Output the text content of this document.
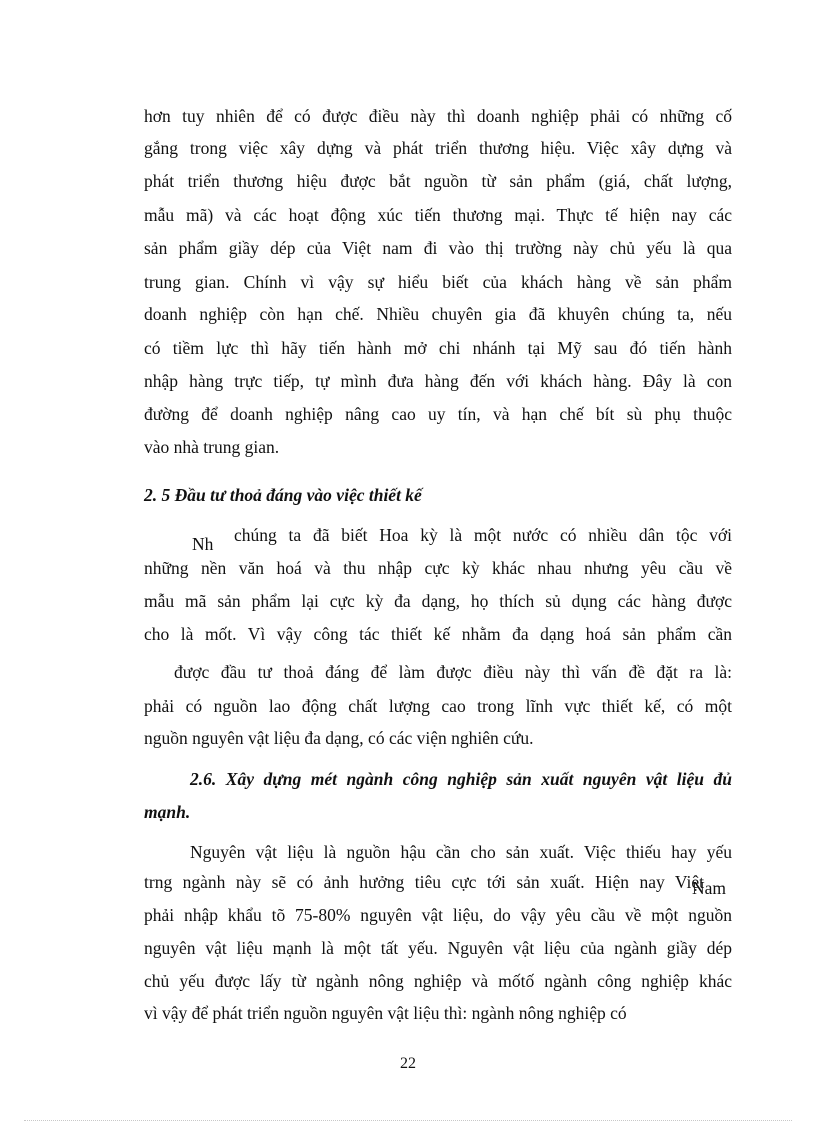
hơn tuy nhiên để có được điều này thì doanh nghiệp phải có những cố
gắng trong việc xây dựng và phát triển thương hiệu. Việc xây dựng và
phát triển thương hiệu được bắt nguồn từ sản phẩm (giá, chất lượng,
mẫu mã) và các hoạt động xúc tiến thương mại. Thực tế hiện nay các
sản phẩm giầy dép của Việt nam đi vào thị trường này chủ yếu là qua
trung gian. Chính vì vậy sự hiểu biết của khách hàng về sản phẩm
doanh nghiệp còn hạn chế. Nhiều chuyên gia đã khuyên chúng ta, nếu
có tiềm lực thì hãy tiến hành mở chi nhánh tại Mỹ sau đó tiến hành
nhập hàng trực tiếp, tự mình đưa hàng đến với khách hàng. Đây là con
đường để doanh nghiệp nâng cao uy tín, và hạn chế bít sù phụ thuộc
vào nhà trung gian.
2. 5 Đầu tư thoả đáng vào việc thiết kế
Nh chúng ta đã biết Hoa kỳ là một nước có nhiều dân tộc với
những nền văn hoá và thu nhập cực kỳ khác nhau nhưng yêu cầu về
mẫu mã sản phẩm lại cực kỳ đa dạng, họ thích sủ dụng các hàng được
cho là mốt. Vì vậy công tác thiết kế nhằm đa dạng hoá sản phẩm cần
được đầu tư thoả đáng để làm được điều này thì vấn đề đặt ra là:
phải có nguồn lao động chất lượng cao trong lĩnh vực thiết kế, có một
nguồn nguyên vật liệu đa dạng, có các viện nghiên cứu.
2.6. Xây dựng mét ngành công nghiệp sản xuất nguyên vật liệu đủ
mạnh.
Nguyên vật liệu là nguồn hậu cần cho sản xuất. Việc thiếu hay yếu
trng ngành này sẽ có ảnh hưởng tiêu cực tới sản xuất. Hiện nay Việt
Nam
phải nhập khẩu tõ 75-80% nguyên vật liệu, do vậy yêu cầu về một nguồn
nguyên vật liệu mạnh là một tất yếu. Nguyên vật liệu của ngành giầy dép
chủ yếu được lấy từ ngành nông nghiệp và mốtố ngành công nghiệp khác
vì vậy để phát triển nguồn nguyên vật liệu thì: ngành nông nghiệp có
22
